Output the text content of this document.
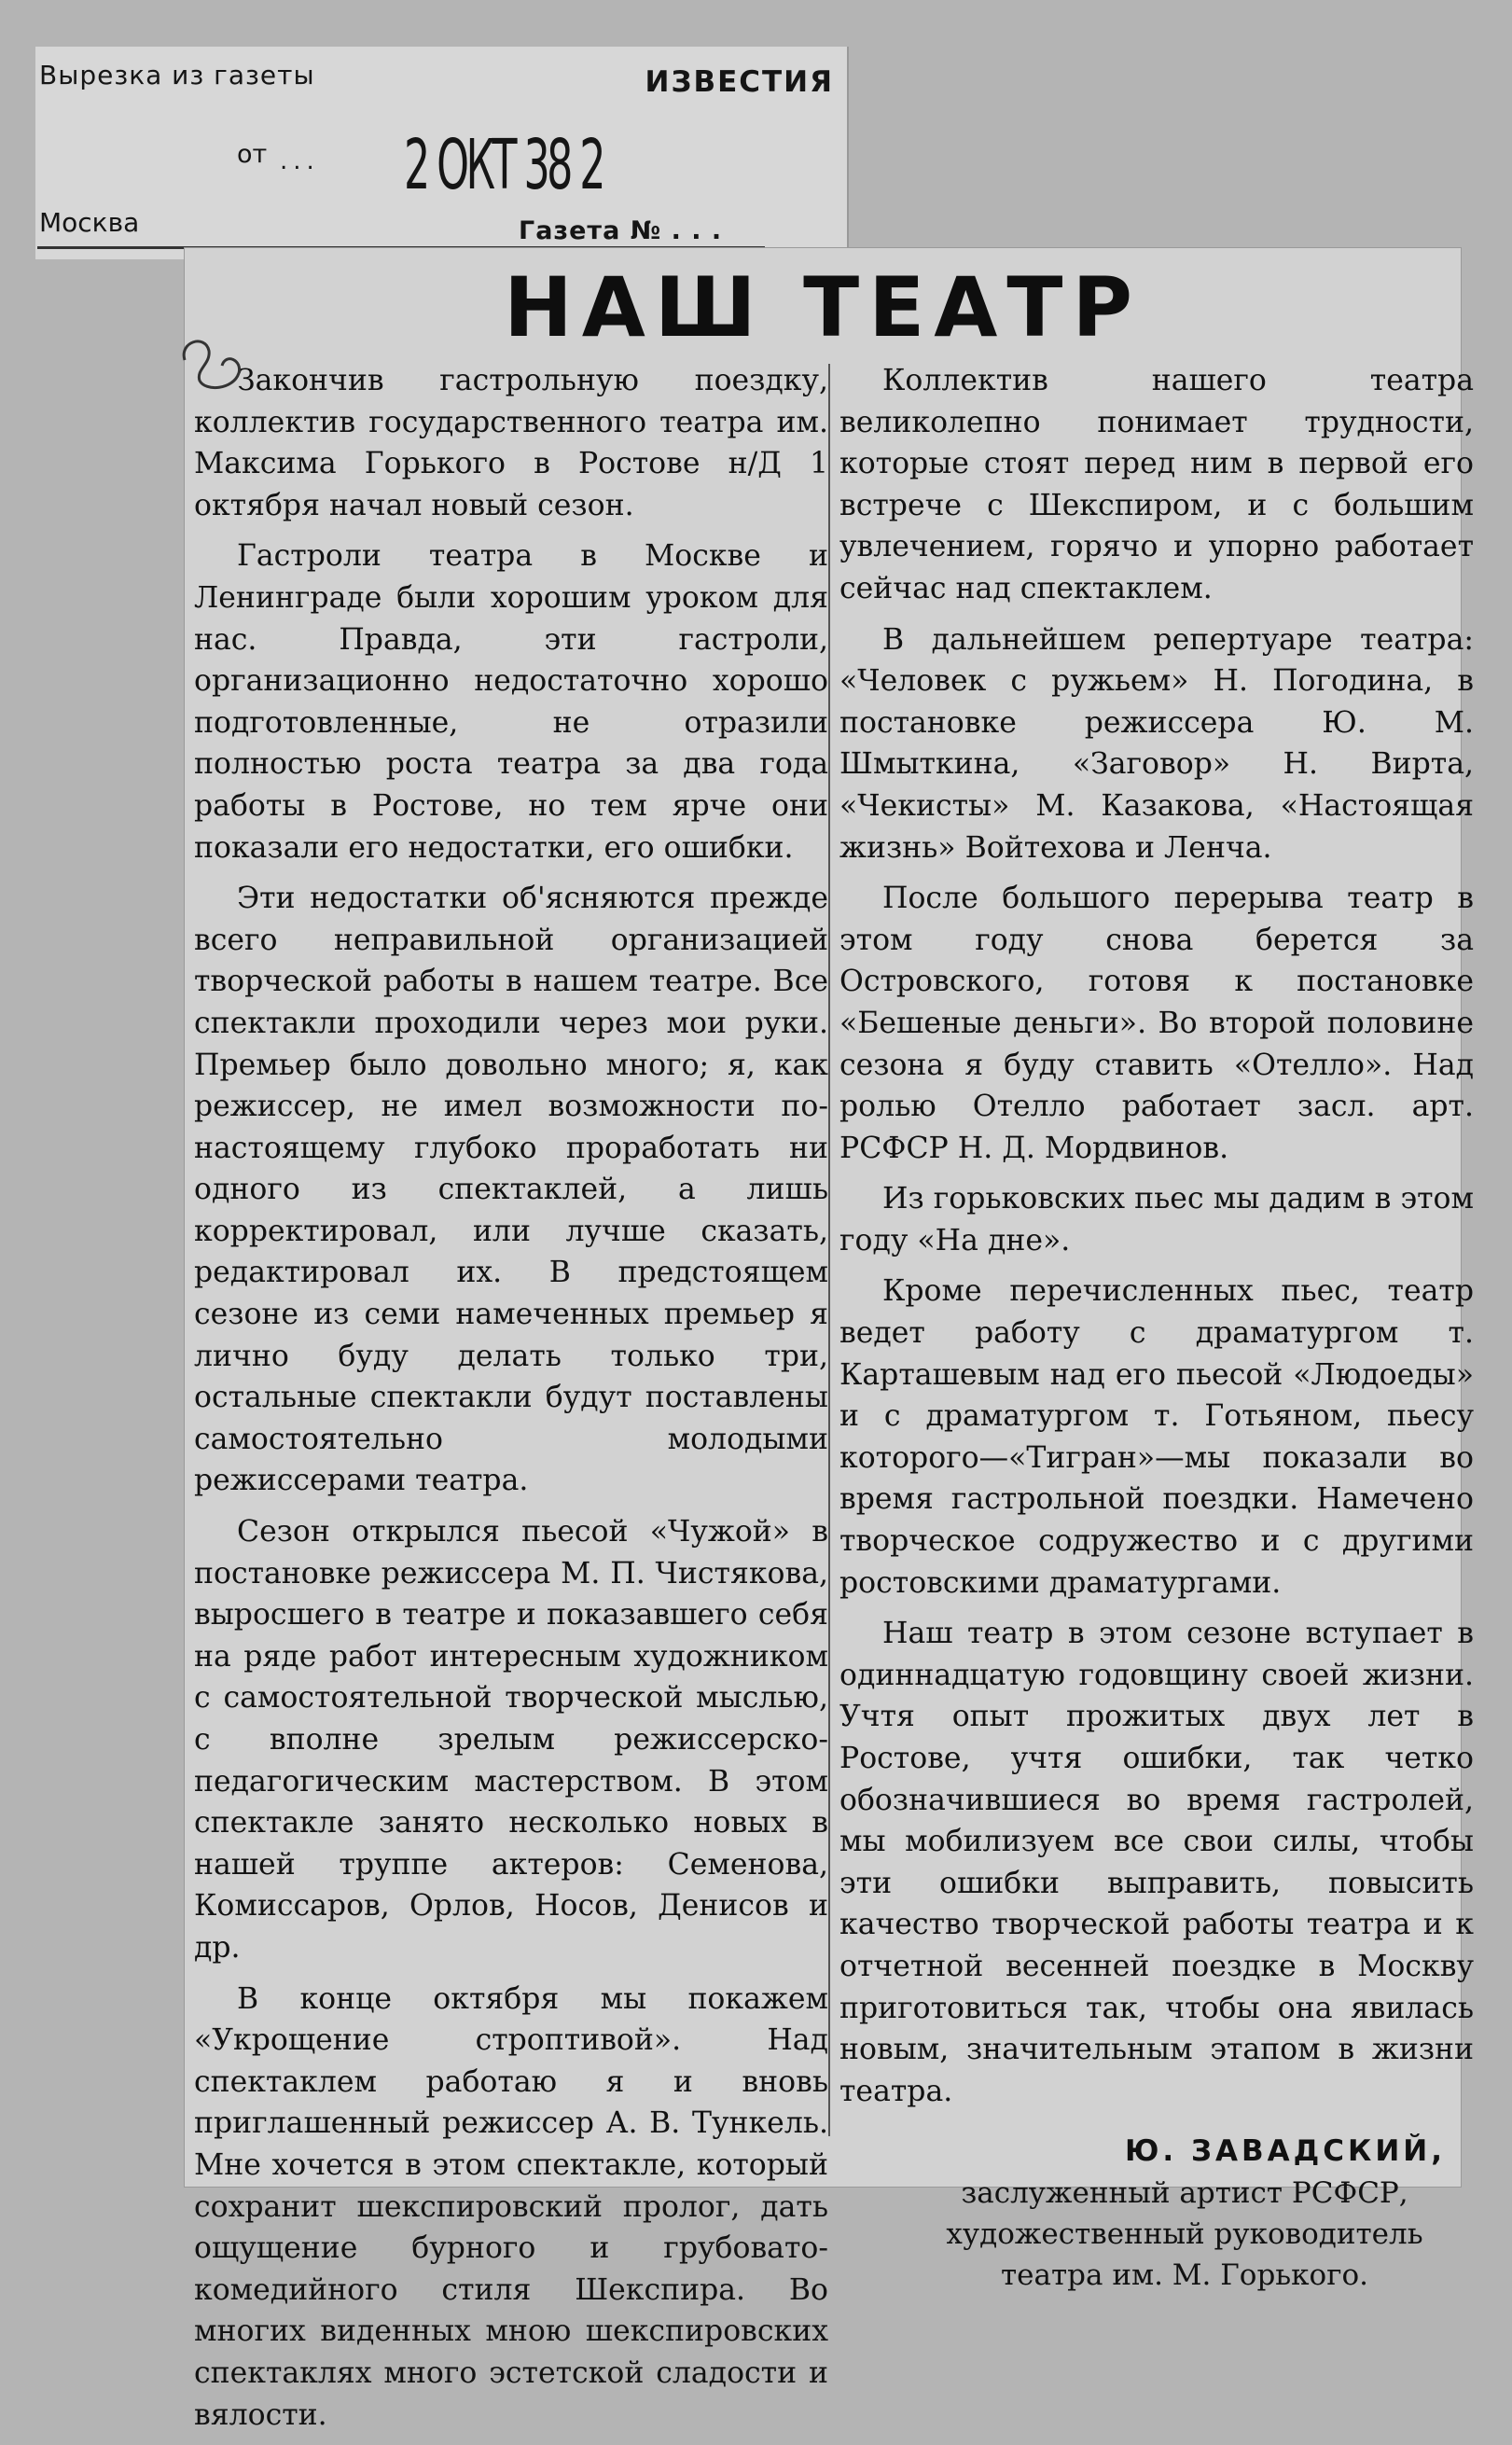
Вырезка из газеты	ИЗВЕСТИЯ
от ... 2 ОКТ 38 2
Москва	Газета № . . .
НАШ ТЕАТР

Закончив гастрольную поездку, коллектив государственного театра им. Максима Горького в Ростове н/Д 1 октября начал новый сезон.

Гастроли театра в Москве и Ленинграде были хорошим уроком для нас. Правда, эти гастроли, организационно недостаточно хорошо подготовленные, не отразили полностью роста театра за два года работы в Ростове, но тем ярче они показали его недостатки, его ошибки.

Эти недостатки об'ясняются прежде всего неправильной организацией творческой работы в нашем театре. Все спектакли проходили через мои руки. Премьер было довольно много; я, как режиссер, не имел возможности по-настоящему глубоко проработать ни одного из спектаклей, а лишь корректировал, или лучше сказать, редактировал их. В предстоящем сезоне из семи намеченных премьер я лично буду делать только три, остальные спектакли будут поставлены самостоятельно молодыми режиссерами театра.

Сезон открылся пьесой «Чужой» в постановке режиссера М. П. Чистякова, выросшего в театре и показавшего себя на ряде работ интересным художником с самостоятельной творческой мыслью, с вполне зрелым режиссерско-педагогическим мастерством. В этом спектакле занято несколько новых в нашей труппе актеров: Семенова, Комиссаров, Орлов, Носов, Денисов и др.

В конце октября мы покажем «Укрощение строптивой». Над спектаклем работаю я и вновь приглашенный режиссер А. В. Тункель. Мне хочется в этом спектакле, который сохранит шекспировский пролог, дать ощущение бурного и грубовато-комедийного стиля Шекспира. Во многих виденных мною шекспировских спектаклях много эстетской сладости и вялости.

Коллектив нашего театра великолепно понимает трудности, которые стоят перед ним в первой его встрече с Шекспиром, и с большим увлечением, горячо и упорно работает сейчас над спектаклем.

В дальнейшем репертуаре театра: «Человек с ружьем» Н. Погодина, в постановке режиссера Ю. М. Шмыткина, «Заговор» Н. Вирта, «Чекисты» М. Казакова, «Настоящая жизнь» Войтехова и Ленча.

После большого перерыва театр в этом году снова берется за Островского, готовя к постановке «Бешеные деньги». Во второй половине сезона я буду ставить «Отелло». Над ролью Отелло работает засл. арт. РСФСР Н. Д. Мордвинов.

Из горьковских пьес мы дадим в этом году «На дне».

Кроме перечисленных пьес, театр ведет работу с драматургом т. Карташевым над его пьесой «Людоеды» и с драматургом т. Готьяном, пьесу которого—«Тигран»—мы показали во время гастрольной поездки. Намечено творческое содружество и с другими ростовскими драматургами.

Наш театр в этом сезоне вступает в одиннадцатую годовщину своей жизни. Учтя опыт прожитых двух лет в Ростове, учтя ошибки, так четко обозначившиеся во время гастролей, мы мобилизуем все свои силы, чтобы эти ошибки выправить, повысить качество творческой работы театра и к отчетной весенней поездке в Москву приготовиться так, чтобы она явилась новым, значительным этапом в жизни театра.

Ю. ЗАВАДСКИЙ,
заслуженный артист РСФСР,
художественный руководитель
театра им. М. Горького.
